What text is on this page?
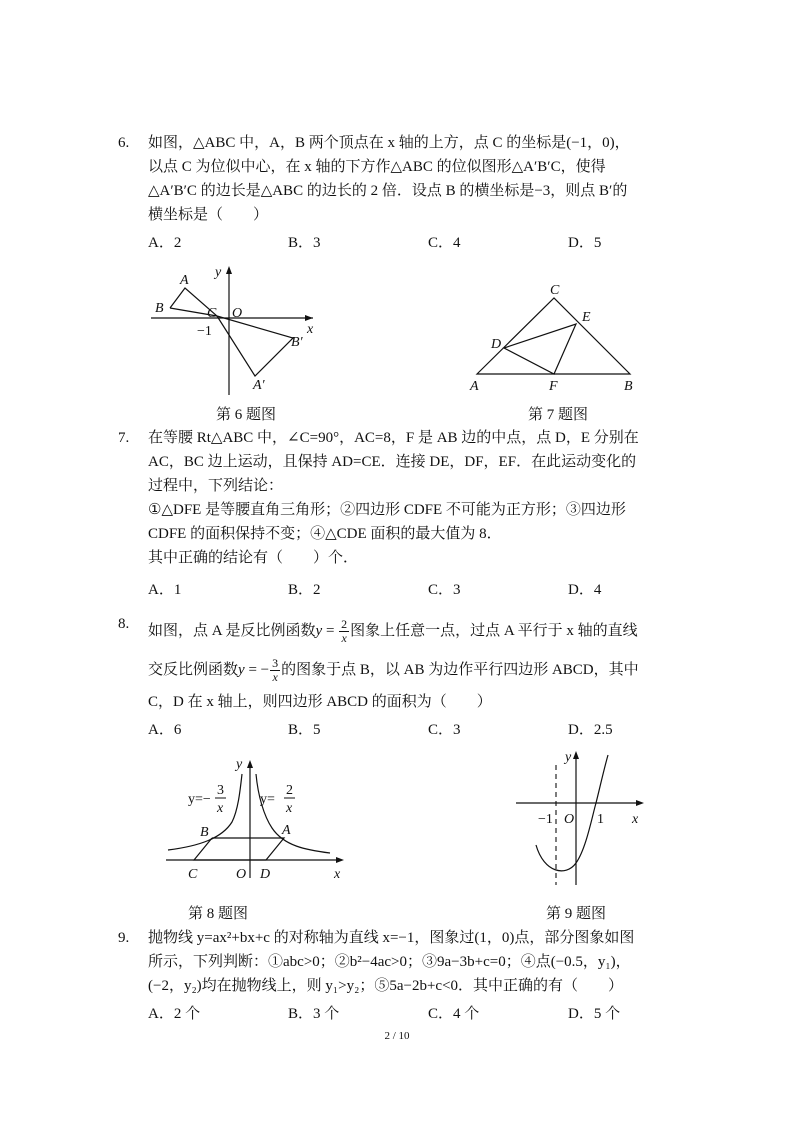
6. 如图，△ABC 中，A，B 两个顶点在 x 轴的上方，点 C 的坐标是(−1，0)，
以点 C 为位似中心，在 x 轴的下方作△ABC 的位似图形△A′B′C，使得
△A′B′C 的边长是△ABC 的边长的 2 倍．设点 B 的横坐标是−3，则点 B′的
横坐标是（　　）
A．2	B．3	C．4	D．5
A
B	C O
x
y
−1
B′
A′
第 6 题图
C
E
D
A	F	B
第 7 题图
7. 在等腰 Rt△ABC 中，∠C=90°，AC=8，F 是 AB 边的中点，点 D，E 分别在
AC，BC 边上运动，且保持 AD=CE．连接 DE，DF，EF．在此运动变化的
过程中，下列结论：
①△DFE 是等腰直角三角形；②四边形 CDFE 不可能为正方形；③四边形
CDFE 的面积保持不变；④△CDE 面积的最大值为 8．
其中正确的结论有（　　）个．
A．1	B．2	C．3	D．4
8. 如图，点 A 是反比例函数 $y = \frac{2}{x}$ 图象上任意一点，过点 A 平行于 x 轴的直线
交反比例函数 y = − $\frac{3}{x}$ 的图象于点 B，以 AB 为边作平行四边形 ABCD，其中
C，D 在 x 轴上，则四边形 ABCD 的面积为（　　）
A．6	B．5	C．3	D．2.5
y=−
3
x
y=
2
x
y
B	A
C	O D	x
第 8 题图
y
−1 O 1 x
第 9 题图
9. 抛物线 y=ax²+bx+c 的对称轴为直线 x=−1，图象过(1，0)点，部分图象如图
所示，下列判断：①abc>0；②b²−4ac>0；③9a−3b+c=0；④点(−0.5，y₁)，
(−2，y₂)均在抛物线上，则 y₁>y₂；⑤5a−2b+c<0．其中正确的有（　　）
A．2 个	B．3 个	C．4 个	D．5 个
2 / 10
